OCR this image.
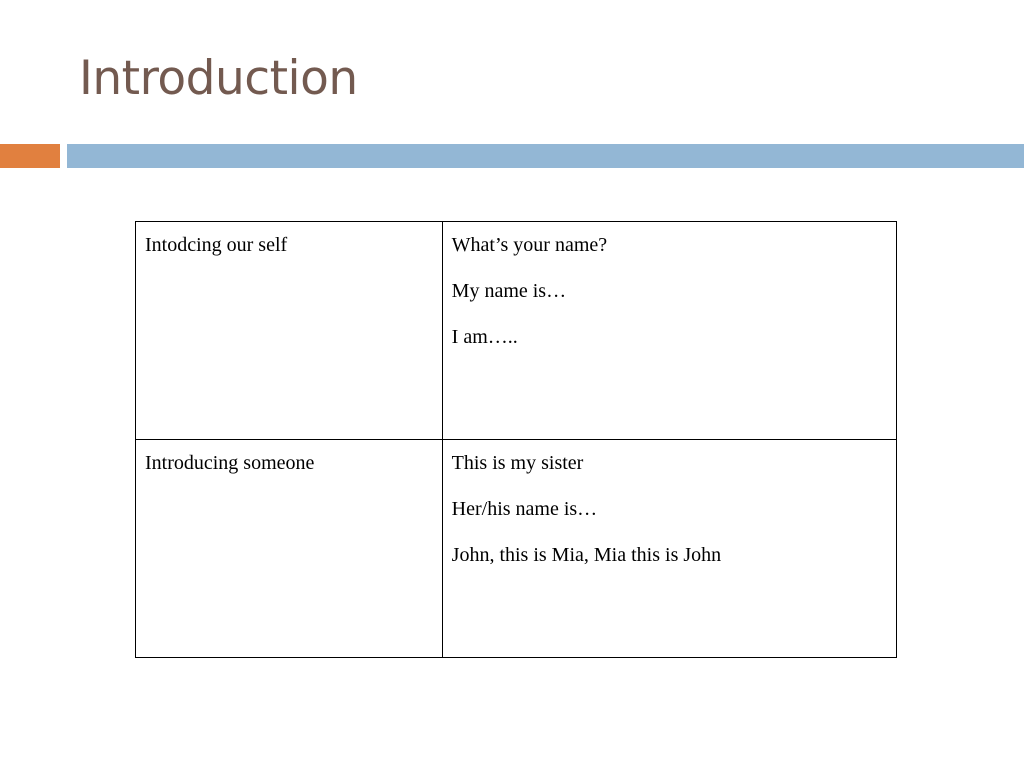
Introduction
Intodcing our self	What’s your name?
My name is…
I am…..

Introducing someone	This is my sister
Her/his name is…
John, this is Mia, Mia this is John
